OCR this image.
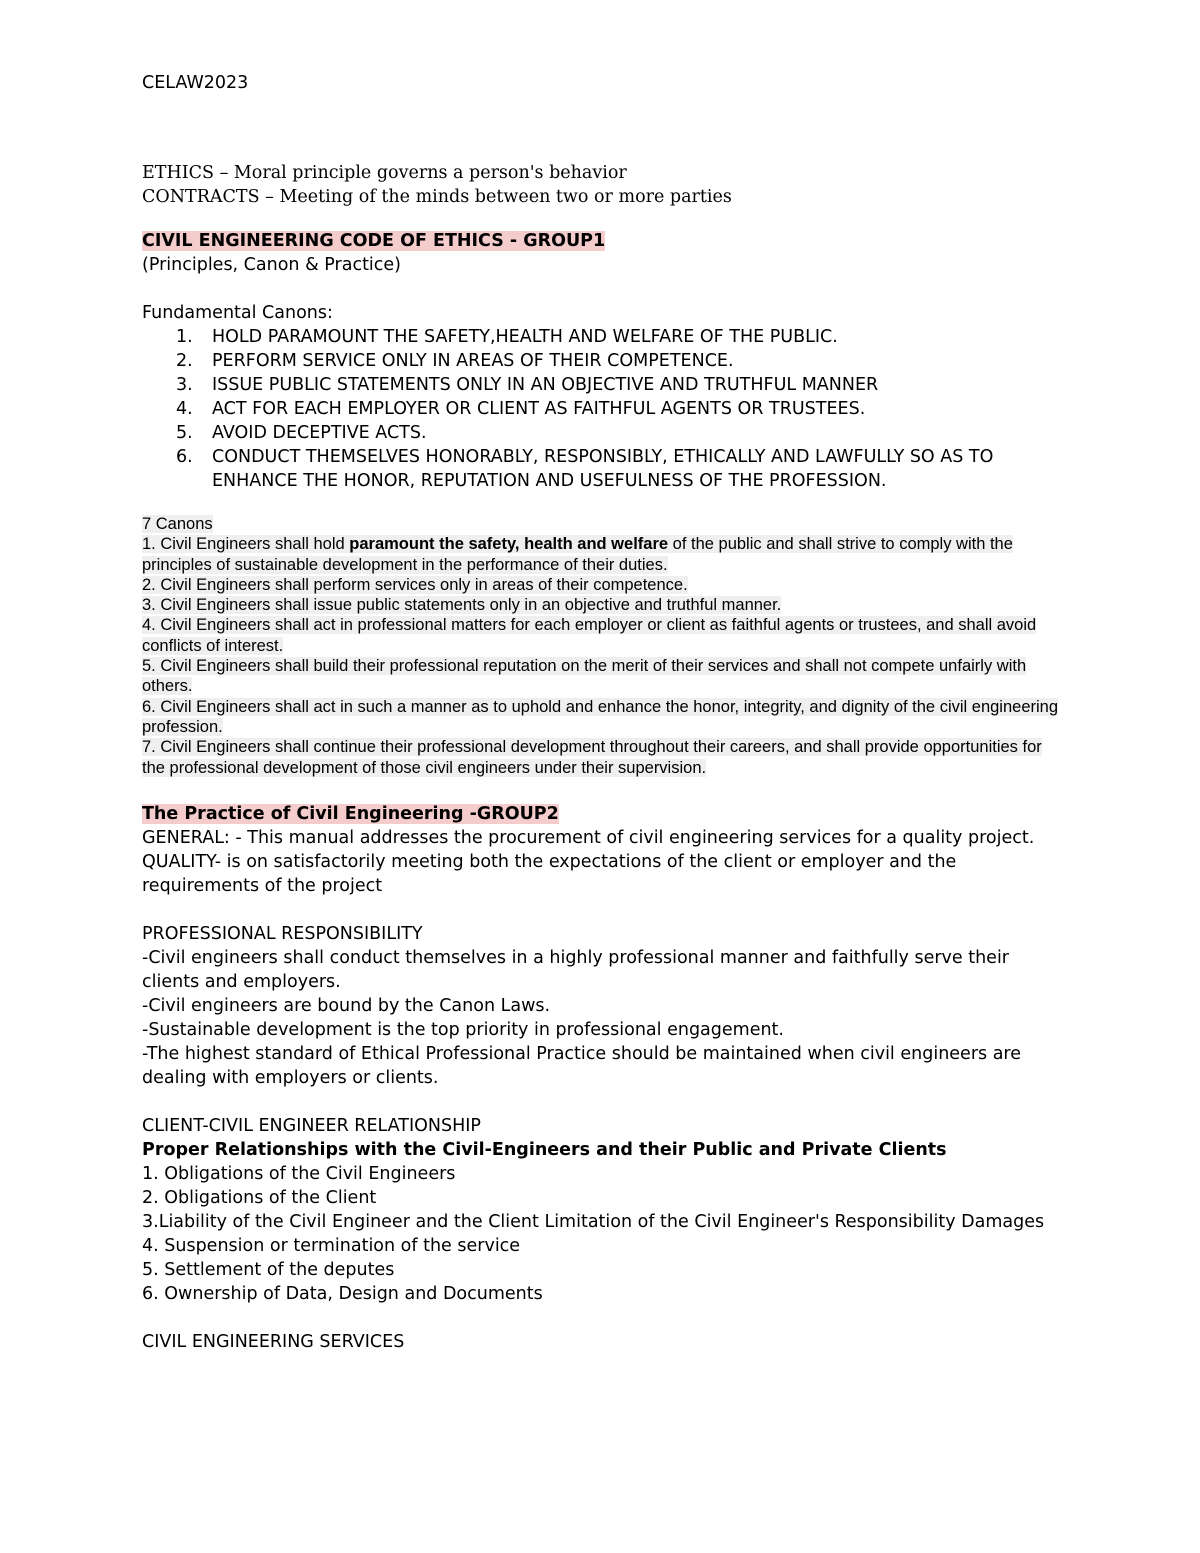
CELAW2023

ETHICS – Moral principle governs a person's behavior

CONTRACTS – Meeting of the minds between two or more parties

CIVIL ENGINEERING CODE OF ETHICS - GROUP1

(Principles, Canon & Practice)

Fundamental Canons:

1. HOLD PARAMOUNT THE SAFETY,HEALTH AND WELFARE OF THE PUBLIC.
2. PERFORM SERVICE ONLY IN AREAS OF THEIR COMPETENCE.
3. ISSUE PUBLIC STATEMENTS ONLY IN AN OBJECTIVE AND TRUTHFUL MANNER
4. ACT FOR EACH EMPLOYER OR CLIENT AS FAITHFUL AGENTS OR TRUSTEES.
5. AVOID DECEPTIVE ACTS.
6. CONDUCT THEMSELVES HONORABLY, RESPONSIBLY, ETHICALLY AND LAWFULLY SO AS TO ENHANCE THE HONOR, REPUTATION AND USEFULNESS OF THE PROFESSION.

7 Canons

1. Civil Engineers shall hold paramount the safety, health and welfare of the public and shall strive to comply with the principles of sustainable development in the performance of their duties.

2. Civil Engineers shall perform services only in areas of their competence.

3. Civil Engineers shall issue public statements only in an objective and truthful manner.

4. Civil Engineers shall act in professional matters for each employer or client as faithful agents or trustees, and shall avoid conflicts of interest.

5. Civil Engineers shall build their professional reputation on the merit of their services and shall not compete unfairly with others.

6. Civil Engineers shall act in such a manner as to uphold and enhance the honor, integrity, and dignity of the civil engineering profession.

7. Civil Engineers shall continue their professional development throughout their careers, and shall provide opportunities for the professional development of those civil engineers under their supervision.

The Practice of Civil Engineering -GROUP2

GENERAL: - This manual addresses the procurement of civil engineering services for a quality project.

QUALITY- is on satisfactorily meeting both the expectations of the client or employer and the requirements of the project

PROFESSIONAL RESPONSIBILITY

-Civil engineers shall conduct themselves in a highly professional manner and faithfully serve their clients and employers.

-Civil engineers are bound by the Canon Laws.

-Sustainable development is the top priority in professional engagement.

-The highest standard of Ethical Professional Practice should be maintained when civil engineers are dealing with employers or clients.

CLIENT-CIVIL ENGINEER RELATIONSHIP

Proper Relationships with the Civil-Engineers and their Public and Private Clients

1. Obligations of the Civil Engineers

2. Obligations of the Client

3.Liability of the Civil Engineer and the Client Limitation of the Civil Engineer's Responsibility Damages

4. Suspension or termination of the service

5. Settlement of the deputes

6. Ownership of Data, Design and Documents

CIVIL ENGINEERING SERVICES
